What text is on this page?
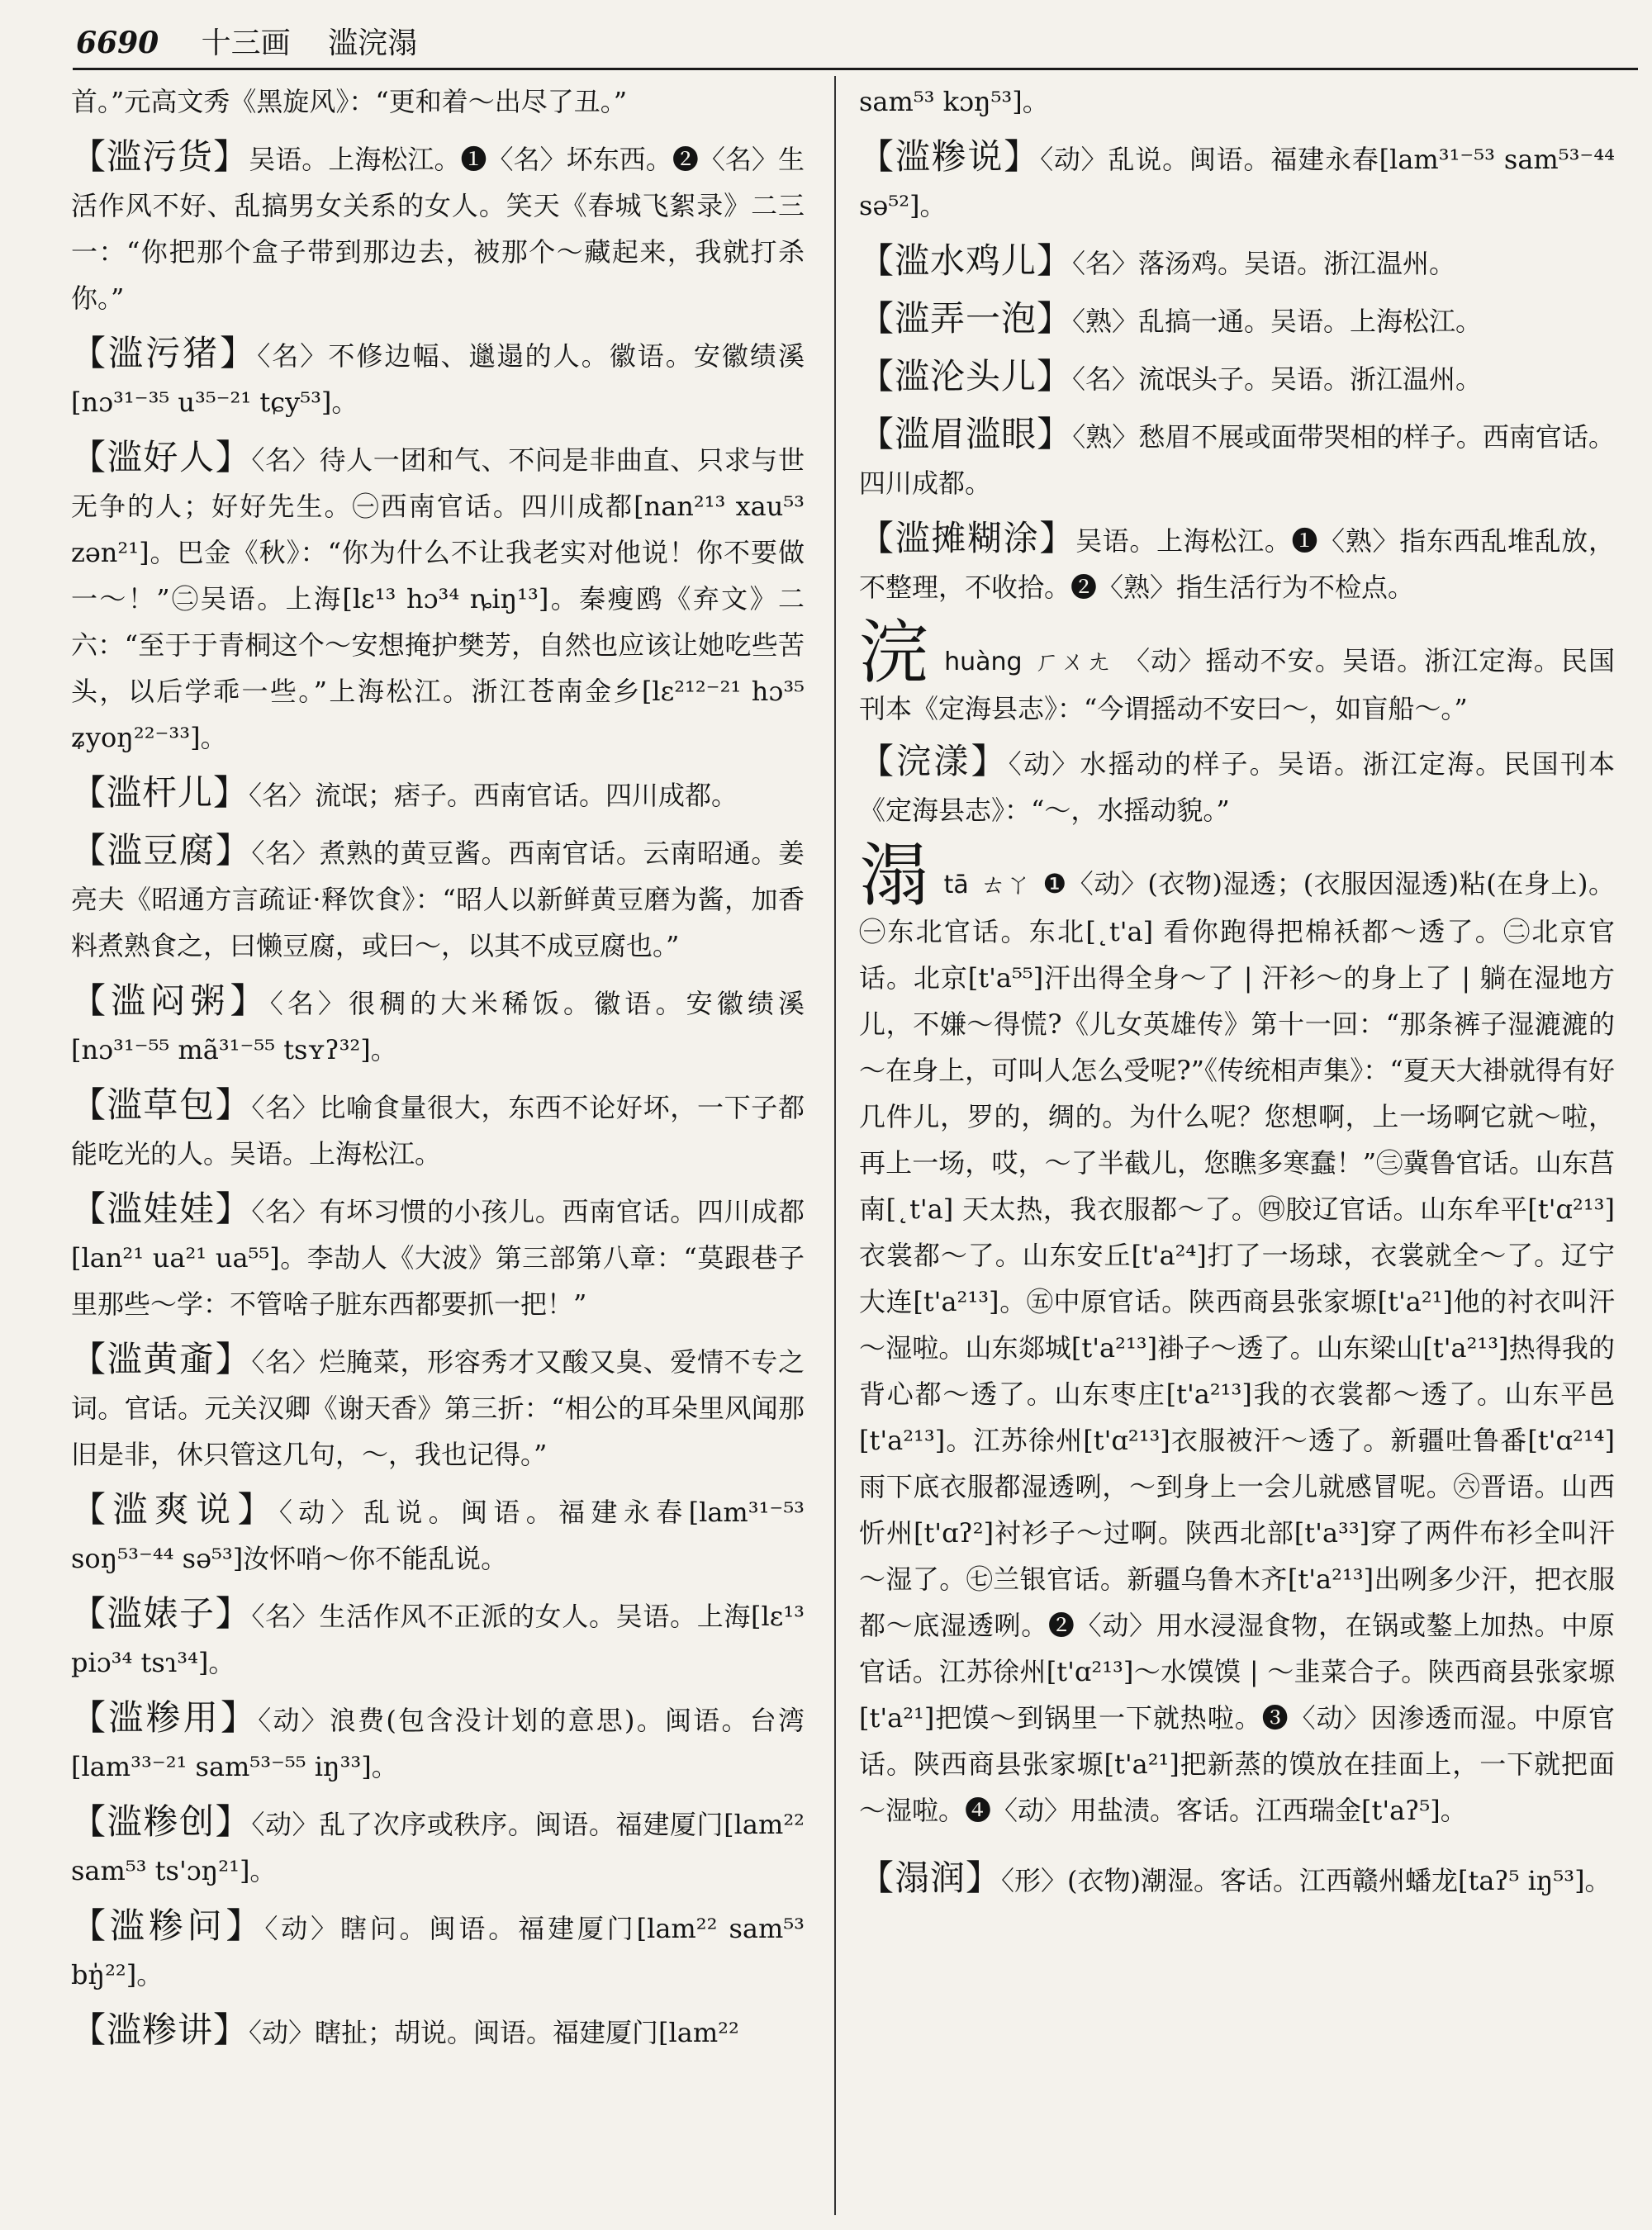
6690 十三画 滥浣溻

首。”元高文秀《黑旋风》：“更和着～出尽了丑。”

【滥污货】吴语。上海松江。❶〈名〉坏东西。❷〈名〉生活作风不好、乱搞男女关系的女人。笑天《春城飞絮录》二三一：“你把那个盒子带到那边去，被那个～藏起来，我就打杀你。”

【滥污猪】〈名〉不修边幅、邋遢的人。徽语。安徽绩溪[nɔ³¹⁻³⁵ u³⁵⁻²¹ tɕy⁵³]。

【滥好人】〈名〉待人一团和气、不问是非曲直、只求与世无争的人；好好先生。㊀西南官话。四川成都[nan²¹³ xau⁵³ zən²¹]。巴金《秋》：“你为什么不让我老实对他说！你不要做一～！”㊁吴语。上海[lɛ¹³ hɔ³⁴ ȵiŋ¹³]。秦瘦鸥《弃文》二六：“至于于青桐这个～安想掩护樊芳，自然也应该让她吃些苦头，以后学乖一些。”上海松江。浙江苍南金乡[lɛ²¹²⁻²¹ hɔ³⁵ ʑyoŋ²²⁻³³]。

【滥杆儿】〈名〉流氓；痞子。西南官话。四川成都。

【滥豆腐】〈名〉煮熟的黄豆酱。西南官话。云南昭通。姜亮夫《昭通方言疏证·释饮食》：“昭人以新鲜黄豆磨为酱，加香料煮熟食之，曰懒豆腐，或曰～，以其不成豆腐也。”

【滥闷粥】〈名〉很稠的大米稀饭。徽语。安徽绩溪[nɔ³¹⁻⁵⁵ mã³¹⁻⁵⁵ tsʏʔ³²]。

【滥草包】〈名〉比喻食量很大，东西不论好坏，一下子都能吃光的人。吴语。上海松江。

【滥娃娃】〈名〉有坏习惯的小孩儿。西南官话。四川成都[lan²¹ ua²¹ ua⁵⁵]。李劼人《大波》第三部第八章：“莫跟巷子里那些～学：不管啥子脏东西都要抓一把！”

【滥黄齑】〈名〉烂腌菜，形容秀才又酸又臭、爱情不专之词。官话。元关汉卿《谢天香》第三折：“相公的耳朵里风闻那旧是非，休只管这几句，～，我也记得。”

【滥爽说】〈动〉乱说。闽语。福建永春[lam³¹⁻⁵³ soŋ⁵³⁻⁴⁴ sə⁵³]汝怀哨～你不能乱说。

【滥婊子】〈名〉生活作风不正派的女人。吴语。上海[lɛ¹³ piɔ³⁴ tsɿ³⁴]。

【滥糁用】〈动〉浪费(包含没计划的意思)。闽语。台湾[lam³³⁻²¹ sam⁵³⁻⁵⁵ iŋ³³]。

【滥糁创】〈动〉乱了次序或秩序。闽语。福建厦门[lam²² sam⁵³ ts'ɔŋ²¹]。

【滥糁问】〈动〉瞎问。闽语。福建厦门[lam²² sam⁵³ bŋ̍²²]。

【滥糁讲】〈动〉瞎扯；胡说。闽语。福建厦门[lam²²

sam⁵³ kɔŋ⁵³]。

【滥糁说】〈动〉乱说。闽语。福建永春[lam³¹⁻⁵³ sam⁵³⁻⁴⁴ sə⁵²]。

【滥水鸡儿】〈名〉落汤鸡。吴语。浙江温州。

【滥弄一泡】〈熟〉乱搞一通。吴语。上海松江。

【滥沦头儿】〈名〉流氓头子。吴语。浙江温州。

【滥眉滥眼】〈熟〉愁眉不展或面带哭相的样子。西南官话。四川成都。

【滥摊糊涂】吴语。上海松江。❶〈熟〉指东西乱堆乱放，不整理，不收拾。❷〈熟〉指生活行为不检点。

浣huàng ㄏㄨㄤ 〈动〉摇动不安。吴语。浙江定海。民国刊本《定海县志》：“今谓摇动不安曰～，如盲船～。”

【浣漾】〈动〉水摇动的样子。吴语。浙江定海。民国刊本《定海县志》：“～，水摇动貌。”

溻tā ㄊㄚ ❶〈动〉(衣物)湿透；(衣服因湿透)粘(在身上)。㊀东北官话。东北[˛t'a] 看你跑得把棉袄都～透了。㊁北京官话。北京[t'a⁵⁵]汗出得全身～了 | 汗衫～的身上了 | 躺在湿地方儿，不嫌～得慌?《儿女英雄传》第十一回：“那条裤子湿漉漉的～在身上，可叫人怎么受呢?”《传统相声集》：“夏天大褂就得有好几件儿，罗的，绸的。为什么呢？您想啊，上一场啊它就～啦，再上一场，哎，～了半截儿，您瞧多寒蠢！”㊂冀鲁官话。山东莒南[˛t'a] 天太热，我衣服都～了。㊃胶辽官话。山东牟平[t'ɑ²¹³]衣裳都～了。山东安丘[t'a²⁴]打了一场球，衣裳就全～了。辽宁大连[t'a²¹³]。㊄中原官话。陕西商县张家塬[t'a²¹]他的衬衣叫汗～湿啦。山东郯城[t'a²¹³]褂子～透了。山东梁山[t'a²¹³]热得我的背心都～透了。山东枣庄[t'a²¹³]我的衣裳都～透了。山东平邑[t'a²¹³]。江苏徐州[t'ɑ²¹³]衣服被汗～透了。新疆吐鲁番[t'ɑ²¹⁴]雨下底衣服都湿透咧，～到身上一会儿就感冒呢。㊅晋语。山西忻州[t'ɑʔ²]衬衫子～过啊。陕西北部[t'a³³]穿了两件布衫全叫汗～湿了。㊆兰银官话。新疆乌鲁木齐[t'a²¹³]出咧多少汗，把衣服都～底湿透咧。❷〈动〉用水浸湿食物，在锅或鏊上加热。中原官话。江苏徐州[t'ɑ²¹³]～水馍馍 | ～韭菜合子。陕西商县张家塬[t'a²¹]把馍～到锅里一下就热啦。❸〈动〉因渗透而湿。中原官话。陕西商县张家塬[t'a²¹]把新蒸的馍放在挂面上，一下就把面～湿啦。❹〈动〉用盐渍。客话。江西瑞金[t'aʔ⁵]。

【溻润】〈形〉(衣物)潮湿。客话。江西赣州蟠龙[taʔ⁵ iŋ⁵³]。
